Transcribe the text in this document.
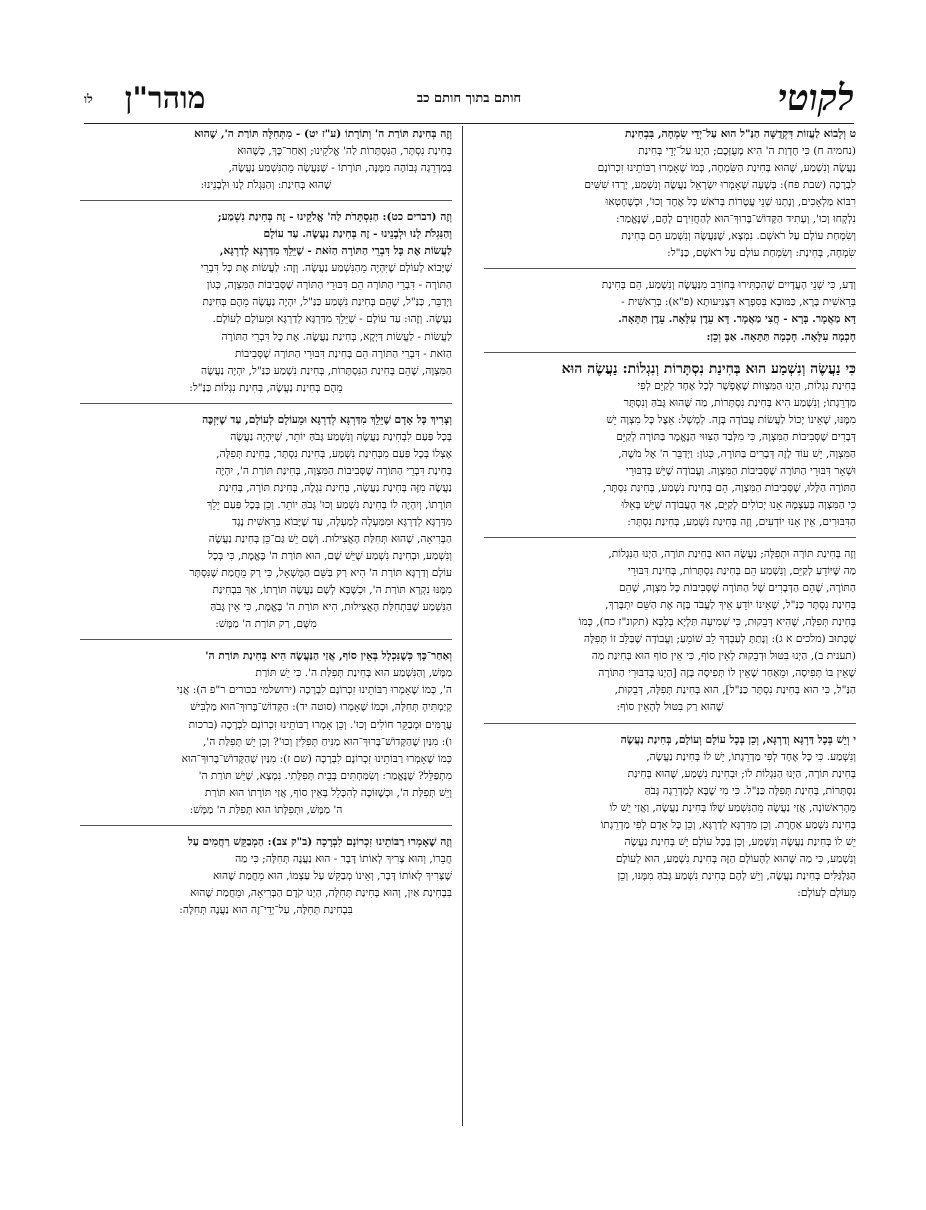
לקוטי
חותם בתוך חותם כב
לו מוהר"ן

ט וְלָבוֹא לַעֲזוֹת דִּקְדֻשָּׁה הַנַּ"ל הוּא עַל־יְדֵי שִׂמְחָה, בִּבְחִינַת

(נחמיה ח) כִּי חֶדְוַת ה' הִיא מָעֻזְּכֶם; הַיְנוּ עַל־יְדֵי בְּחִינַת

נַעֲשֶׂה וְנִשְׁמַע, שֶׁהוּא בְּחִינַת הַשִּׂמְחָה, כְּמוֹ שֶׁאָמְרוּ רַבּוֹתֵינוּ זִכְרוֹנָם

לִבְרָכָה (שבת פח): בְּשָׁעָה שֶׁאָמְרוּ יִשְׂרָאֵל נַעֲשֶׂה וְנִשְׁמַע, יָרְדוּ שִׁשִּׁים

רִבּוֹא מַלְאָכִים, וְנָתְנוּ שְׁנֵי עֲטָרוֹת בְּרֹאשׁ כָּל אֶחָד וְכוּ', וּכְשֶׁחָטְאוּ

נִלְקְחוּ וְכוּ', וְעָתִיד הַקָּדוֹשׁ־בָּרוּךְ־הוּא לְהַחֲזִירָם לָהֶם, שֶׁנֶּאֱמַר:

וְשִׂמְחַת עוֹלָם עַל רֹאשָׁם. נִמְצָא, שֶׁנַּעֲשֶׂה וְנִשְׁמַע הֵם בְּחִינַת

שִׂמְחָה, בְּחִינַת: וְשִׂמְחַת עוֹלָם עַל רֹאשָׁם, כַּנַּ"ל:

וְדַע, כִּי שְׁנֵי הָעֲדָיִים שֶׁהִכְתִּירוּ בְּחוֹרֵב מִנַּעֲשֶׂה וְנִשְׁמַע, הֵם בְּחִינַת

בְּרֵאשִׁית בָּרָא, כַּמּוּבָא בְּסִפְרָא דִּצְנִיעוּתָא (פ"א): בְּרֵאשִׁית -

דָּא מַאֲמָר. בָּרָא - חֲצִי מַאֲמָר. דָּא עֵדֶן עִלָּאָה. עֵדֶן תַּתָּאָה.

חָכְמָה עִלָּאָה. חָכְמָה תַּתָּאָה. אַבָּ וְכֵן:

כִּי נַעֲשֶׂה וְנִשְׁמַע הוּא בְּחִינַת נִסְתָּרוֹת וְנִגְלוֹת: נַעֲשֶׂה הוּא

בְּחִינַת נִגְלוֹת, הַיְנוּ הַמִּצְווֹת שֶׁאֶפְשָׁר לְכָל אֶחָד לְקַיֵּם לְפִי

מַדְרֵגָתוֹ; וְנִשְׁמַע הִיא בְּחִינַת נִסְתָּרוֹת, מַה שֶּׁהוּא גָּבֹהַּ וְנִסְתָּר

מִמֶּנּוּ, שֶׁאֵינוֹ יָכוֹל לַעֲשׂוֹת עֲבוֹדָה בָּזֶה. לְמָשָׁל: אֵצֶל כָּל מִצְוָה יֵשׁ

דְּבָרִים שֶׁסְּבִיבוֹת הַמִּצְוָה, כִּי מִלְּבַד הַצִּוּוּי הַנֶּאֱמָר בַּתּוֹרָה לְקַיֵּם

הַמִּצְוָה, יֵשׁ עוֹד לָזֶה דְּבָרִים בַּתּוֹרָה, כְּגוֹן: וַיְדַבֵּר ה' אֶל מֹשֶׁה,

וּשְׁאָר דִּבּוּרֵי הַתּוֹרָה שֶׁסְּבִיבוֹת הַמִּצְוָה. וַעֲבוֹדָה שֶׁיֵּשׁ בְּדִבּוּרֵי

הַתּוֹרָה הַלָּלוּ, שֶׁסְּבִיבוֹת הַמִּצְוָה, הֵם בְּחִינַת נִשְׁמַע, בְּחִינַת נִסְתָּר,

כִּי הַמִּצְוָה בְּעַצְמָהּ אָנוּ יְכוֹלִים לְקַיֵּם, אַךְ הָעֲבוֹדָה שֶׁיֵּשׁ בְּאֵלּוּ

הַדִּבּוּרִים, אֵין אָנוּ יוֹדְעִים, וְזֶה בְּחִינַת נִשְׁמַע, בְּחִינַת נִסְתָּר:

וְזֶה בְּחִינַת תּוֹרָה וּתְפִלָּה; נַעֲשֶׂה הוּא בְּחִינַת תּוֹרָה, הַיְנוּ הַנִּגְלוֹת,

מַה שֶּׁיּוֹדֵעַ לְקַיֵּם, וְנִשְׁמַע הֵם בְּחִינַת נִסְתָּרוֹת, בְּחִינַת דִּבּוּרֵי

הַתּוֹרָה, שֶׁהֵם הַדְּבָרִים שֶׁל הַתּוֹרָה שֶׁסְּבִיבוֹת כָּל מִצְוָה, שֶׁהֵם

בְּחִינַת נִסְתָּר כַּנַּ"ל, שֶׁאֵינוֹ יוֹדֵעַ אֵיךְ לַעֲבֹד בָּזֶה אֶת הַשֵּׁם יִתְבָּרַךְ,

בְּחִינַת תְּפִלָּה, שֶׁהִיא דְּבֵקוּת, כִּי שְׁמִיעָה תַּלְיָא בְּלִבָּא (תקונ"ז כח), כְּמוֹ

שֶׁכָּתוּב (מלכים א ג): וְנָתַתָּ לְעַבְדְּךָ לֵב שׁוֹמֵעַ; וַעֲבוֹדָה שֶׁבַּלֵּב זוֹ תְּפִלָּה

(תענית ב), הַיְנוּ בִּטּוּל וּדְבֵקוּת לְאֵין סוֹף, כִּי אֵין סוֹף הוּא בְּחִינַת מַה

שֶׁאֵין בּוֹ תְּפִיסָה, וּמֵאַחַר שֶׁאֵין לוֹ תְּפִיסָה בָּזֶה [הַיְנוּ בְּדִבּוּרֵי הַתּוֹרָה

הַנַּ"ל, כִּי הוּא בְּחִינַת נִסְתָּר כַּנַּ"ל], הוּא בְּחִינַת תְּפִלָּה, דְּבֵקוּת,

שֶׁהוּא רַק בִּטּוּל לְהָאֵין סוֹף:

י וְיֵשׁ בְּכָל דַּרְגָּא וְדַרְגָּא, וְכֵן בְּכָל עוֹלָם וְעוֹלָם, בְּחִינַת נַעֲשֶׂה

וְנִשְׁמַע. כִּי כָּל אֶחָד לְפִי מַדְרֵגָתוֹ, יֵשׁ לוֹ בְּחִינַת נַעֲשֶׂה,

בְּחִינַת תּוֹרָה, הַיְנוּ הַנִּגְלוֹת לוֹ; וּבְחִינַת נִשְׁמַע, שֶׁהוּא בְּחִינַת

נִסְתָּרוֹת, בְּחִינַת תְּפִלָּה כַּנַּ"ל. כִּי מִי שֶׁבָּא לְמַדְרֵגָה גָּבֹהַּ

מֵהָרִאשׁוֹנָה, אֲזַי נַעֲשֶׂה מֵהַנִּשְׁמַע שֶׁלּוֹ בְּחִינַת נַעֲשֶׂה, וַאֲזַי יֵשׁ לוֹ

בְּחִינַת נִשְׁמַע אַחֶרֶת. וְכֵן מִדַּרְגָּא לְדַרְגָּא, וְכֵן כָּל אָדָם לְפִי מַדְרֵגָתוֹ

יֵשׁ לוֹ בְּחִינַת נַעֲשֶׂה וְנִשְׁמַע, וְכֵן בְּכָל עוֹלָם יֵשׁ בְּחִינַת נַעֲשֶׂה

וְנִשְׁמַע, כִּי מַה שֶּׁהוּא לְהָעוֹלָם הַזֶּה בְּחִינַת נִשְׁמַע, הוּא לְעוֹלָם

הַגַּלְגַּלִּים בְּחִינַת נַעֲשֶׂה, וְיֵשׁ לָהֶם בְּחִינַת נִשְׁמַע גָּבֹהַּ מִמֶּנּוּ, וְכֵן

מֵעוֹלָם לְעוֹלָם:

וְזֶה בְּחִינַת תּוֹרַת ה' וְתוֹרָתוֹ (ע"ז יט) - מִתְּחִלָּה תּוֹרַת ה', שֶׁהוּא

בְּחִינַת נִסְתָּר, הַנִּסְתָּרוֹת לַה' אֱלֹקֵינוּ; וְאַחַר־כָּךְ, כְּשֶׁהוּא

בְּמַדְרֵגָה גְּבוֹהָה מִמֶּנָּה, תּוֹרָתוֹ - שֶׁנַּעֲשָׂה מֵהַנִּשְׁמַע נַעֲשֶׂה,

שֶׁהוּא בְּחִינַת: וְהַנִּגְלֹת לָנוּ וּלְבָנֵינוּ:

וְזֶה (דברים כט): הַנִּסְתָּרֹת לַה' אֱלֹקֵינוּ - זֶה בְּחִינַת נִשְׁמַע;

וְהַנִּגְלֹת לָנוּ וּלְבָנֵינוּ - זֶה בְּחִינַת נַעֲשֶׂה. עַד עוֹלָם

לַעֲשׂוֹת אֶת כָּל דִּבְרֵי הַתּוֹרָה הַזֹּאת - שֶׁיֵּלֵךְ מִדַּרְגָּא לְדַרְגָּא,

שֶׁיָּבוֹא לְעוֹלָם שֶׁיִּהְיֶה מֵהַנִּשְׁמַע נַעֲשֶׂה. וְזֶה: לַעֲשׂוֹת אֶת כָּל דִּבְרֵי

הַתּוֹרָה - דִּבְרֵי הַתּוֹרָה הֵם דִּבּוּרֵי הַתּוֹרָה שֶׁסְּבִיבוֹת הַמִּצְוָה, כְּגוֹן

וַיְדַבֵּר, כַּנַּ"ל, שֶׁהֵם בְּחִינַת נִשְׁמַע כַּנַּ"ל, יִהְיֶה נַעֲשֶׂה מֵהֶם בְּחִינַת

נַעֲשֶׂה. וְזֶהוּ: עַד עוֹלָם - שֶׁיֵּלֵךְ מִדַּרְגָּא לְדַרְגָּא וּמֵעוֹלָם לְעוֹלָם.

לַעֲשׂוֹת - לַעֲשׂוֹת דַּיְקָא, בְּחִינַת נַעֲשֶׂה. אֶת כָּל דִּבְרֵי הַתּוֹרָה

הַזֹּאת - דִּבְרֵי הַתּוֹרָה הֵם בְּחִינַת דִּבּוּרֵי הַתּוֹרָה שֶׁסְּבִיבוֹת

הַמִּצְוָה, שֶׁהֵם בְּחִינַת הַנִּסְתָּרוֹת, בְּחִינַת נִשְׁמַע כַּנַּ"ל, יִהְיֶה נַעֲשֶׂה

מֵהֶם בְּחִינַת נַעֲשֶׂה, בְּחִינַת נִגְלוֹת כַּנַּ"ל:

וְצָרִיךְ כָּל אָדָם שֶׁיֵּלֵךְ מִדַּרְגָּא לְדַרְגָּא וּמֵעוֹלָם לְעוֹלָם, עַד שֶׁיִּזְכֶּה

בְּכָל פַּעַם לִבְחִינַת נַעֲשֶׂה וְנִשְׁמַע גָּבֹהַּ יוֹתֵר, שֶׁיִּהְיֶה נַעֲשֶׂה

אֶצְלוֹ בְּכָל פַּעַם מִבְּחִינַת נִשְׁמַע, בְּחִינַת נִסְתָּר, בְּחִינַת תְּפִלָּה,

בְּחִינַת דִּבְרֵי הַתּוֹרָה שֶׁסְּבִיבוֹת הַמִּצְוָה, בְּחִינַת תּוֹרַת ה', יִהְיֶה

נַעֲשֶׂה מִזֶּה בְּחִינַת נַעֲשֶׂה, בְּחִינַת נִגְלֶה, בְּחִינַת תּוֹרָה, בְּחִינַת

תּוֹרָתוֹ, וְיִהְיֶה לוֹ בְּחִינַת נִשְׁמַע וְכוּ' גָּבֹהַּ יוֹתֵר. וְכֵן בְּכָל פַּעַם יֵלֵךְ

מִדַּרְגָּא לְדַרְגָּא וּמִמַּעְלָה לְמַעְלָה, עַד שֶׁיָּבוֹא בְּרֵאשִׁית נֶגֶד

הַבְּרִיאָה, שֶׁהוּא תְּחִלַּת הָאֲצִילוּת. וְשָׁם יֵשׁ גַּם־כֵּן בְּחִינַת נַעֲשֶׂה

וְנִשְׁמַע, וּבְחִינַת נִשְׁמַע שֶׁיֵּשׁ שָׁם, הוּא תּוֹרַת ה' בֶּאֱמֶת, כִּי בְּכָל

עוֹלָם וְדַרְגָּא תּוֹרַת ה' הִיא רַק בַּשֵּׁם הַמֻּשְׁאָל, כִּי רַק מֵחֲמַת שֶׁנִּסְתָּר

מִמֶּנּוּ נִקְרָא תּוֹרַת ה', וּכְשֶׁבָּא לְשָׁם נַעֲשֶׂה תּוֹרָתוֹ, אַךְ בִּבְחִינַת

הַנִּשְׁמַע שֶׁבִּתְחִלַּת הָאֲצִילוּת, הִיא תּוֹרַת ה' בֶּאֱמֶת, כִּי אֵין גָּבֹהַּ

מִשָּׁם, רַק תּוֹרַת ה' מַמָּשׁ:

וְאַחַר־כָּךְ כְּשֶׁנִּכְלָל בְּאֵין סוֹף, אֲזַי הַנַּעֲשֶׂה הִיא בְּחִינַת תּוֹרַת ה'

מַמָּשׁ, וְהַנִּשְׁמַע הוּא בְּחִינַת תְּפִלַּת ה'. כִּי יֵשׁ תּוֹרַת

ה', כְּמוֹ שֶׁאָמְרוּ רַבּוֹתֵינוּ זִכְרוֹנָם לִבְרָכָה (ירושלמי בכורים ר"פ ה): אֲנִי

קְיַמְתִּיהָ תְּחִלָּה, וּכְמוֹ שֶׁאָמְרוּ (סוטה יד): הַקָּדוֹשׁ־בָּרוּךְ־הוּא מַלְבִּישׁ

עֲרֻמִּים וּמְבַקֵּר חוֹלִים וְכוּ'. וְכֵן אָמְרוּ רַבּוֹתֵינוּ זִכְרוֹנָם לִבְרָכָה (ברכות

ו): מִנַּיִן שֶׁהַקָּדוֹשׁ־בָּרוּךְ־הוּא מַנִּיחַ תְּפִלִּין וְכוּ'? וְכֵן יֵשׁ תְּפִלַּת ה',

כְּמוֹ שֶׁאָמְרוּ רַבּוֹתֵינוּ זִכְרוֹנָם לִבְרָכָה (שם ז): מִנַּיִן שֶׁהַקָּדוֹשׁ־בָּרוּךְ־הוּא

מִתְפַּלֵּל? שֶׁנֶּאֱמַר: וְשִׂמַּחְתִּים בְּבֵית תְּפִלָּתִי. נִמְצָא, שֶׁיֵּשׁ תּוֹרַת ה'

וְיֵשׁ תְּפִלַּת ה', וּכְשֶׁזּוֹכֶה לְהִכָּלֵל בְּאֵין סוֹף, אֲזַי תּוֹרָתוֹ הוּא תּוֹרַת

ה' מַמָּשׁ, וּתְפִלָּתוֹ הוּא תְּפִלַּת ה' מַמָּשׁ:

וְזֶה שֶׁאָמְרוּ רַבּוֹתֵינוּ זִכְרוֹנָם לִבְרָכָה (ב"ק צב): הַמְבַקֵּשׁ רַחֲמִים עַל

חֲבֵרוֹ, וְהוּא צָרִיךְ לְאוֹתוֹ דָּבָר - הוּא נַעֲנֶה תְּחִלָּה; כִּי מַה

שֶׁצָּרִיךְ לְאוֹתוֹ דָּבָר, וְאֵינוֹ מְבַקֵּשׁ עַל עַצְמוֹ, הוּא מֵחֲמַת שֶׁהוּא

בִּבְחִינַת אַיִן, וְהוּא בְּחִינַת תְּחִלָּה, הַיְנוּ קֹדֶם הַבְּרִיאָה, וּמֵחֲמַת שֶׁהוּא

בִּבְחִינַת תְּחִלָּה, עַל־יְדֵי־זֶה הוּא נַעֲנֶה תְּחִלָּה:
